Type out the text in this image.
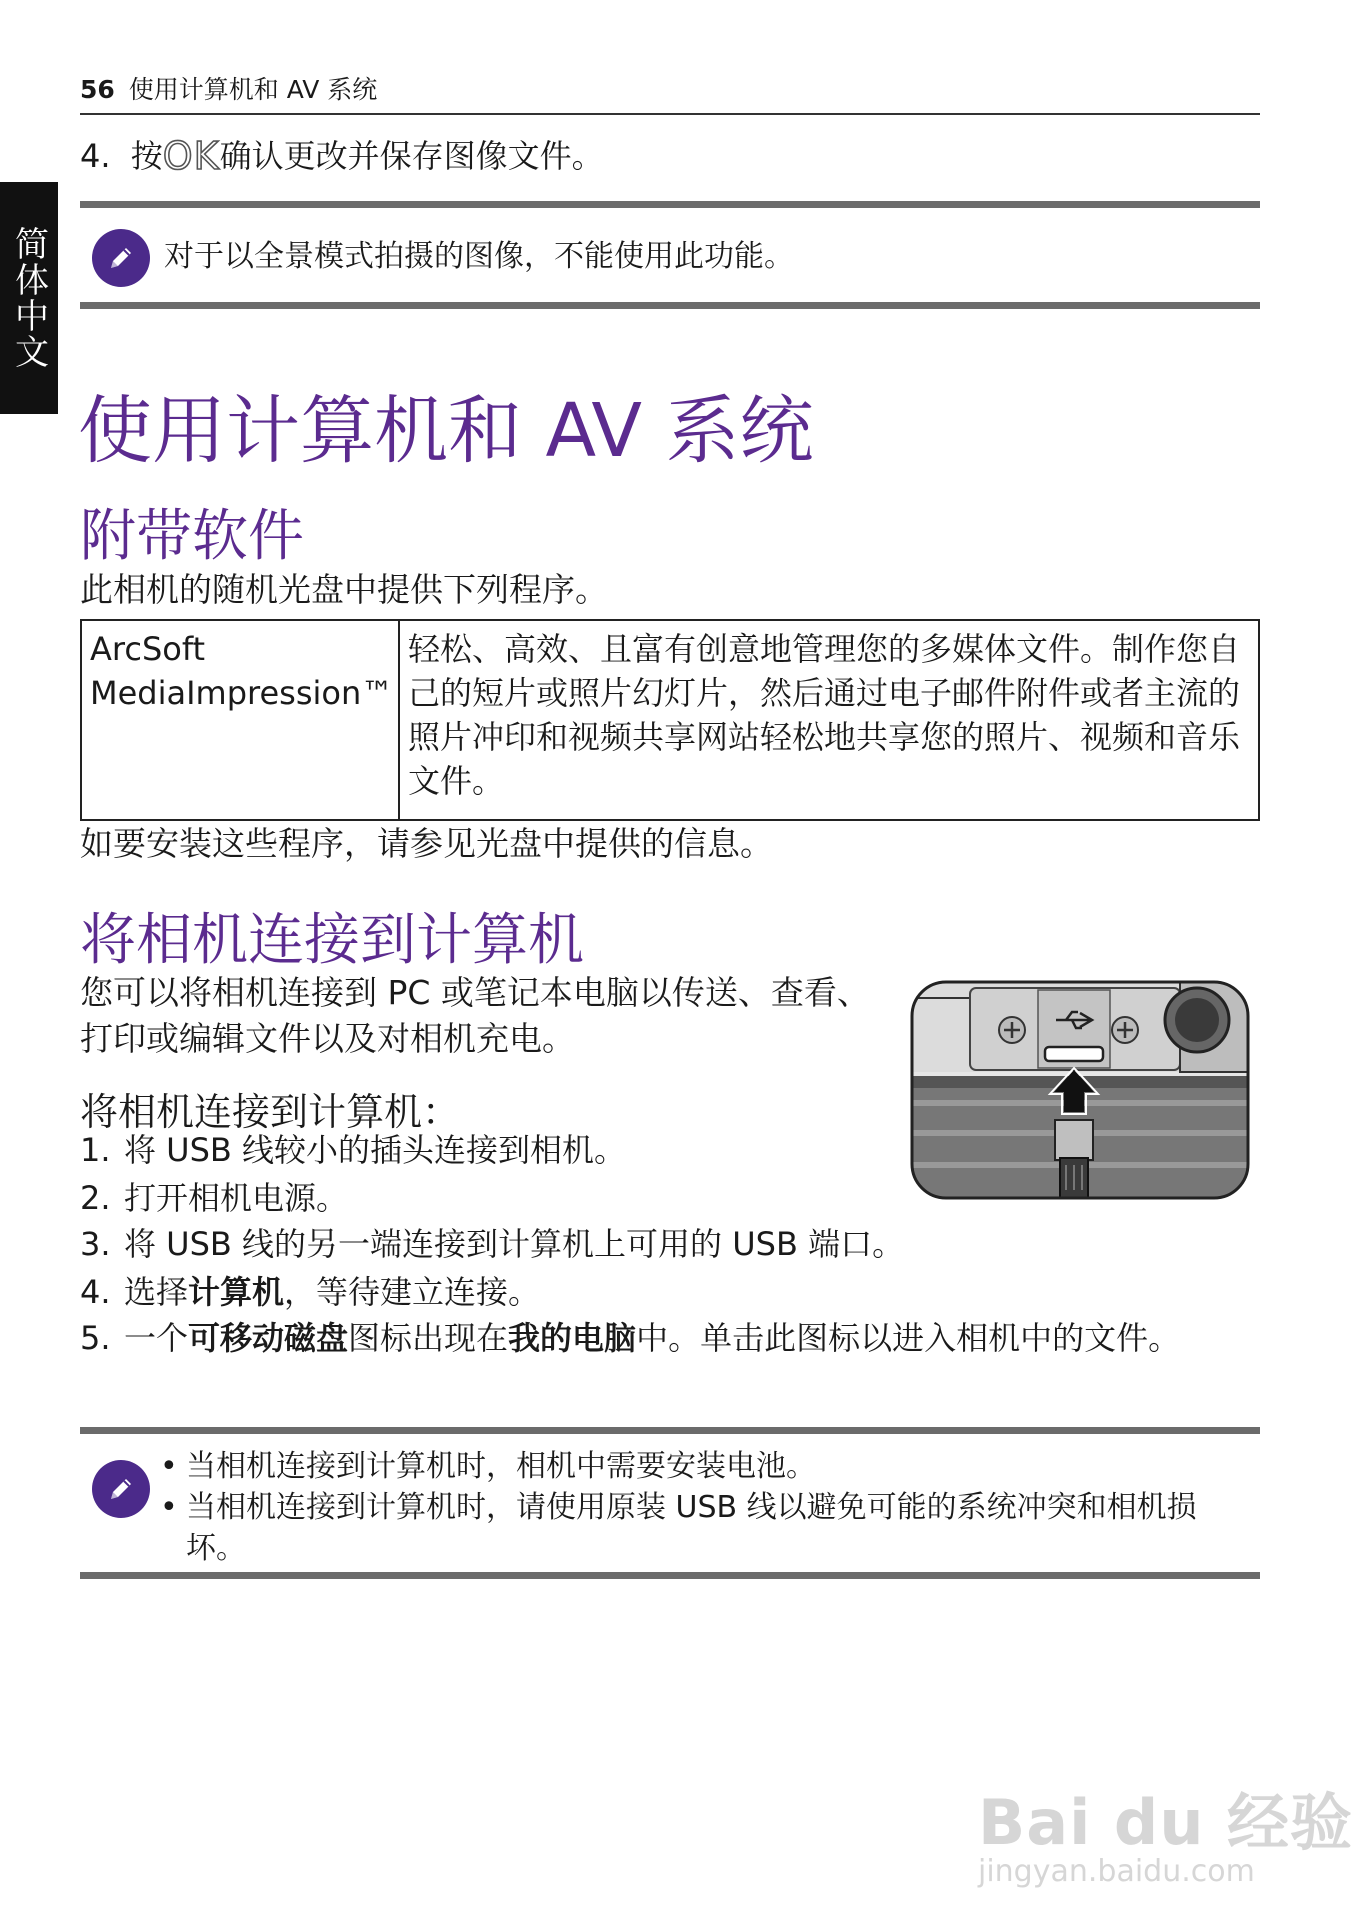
简体中文
56 使用计算机和 AV 系统
4. 按OK确认更改并保存图像文件。
对于以全景模式拍摄的图像，不能使用此功能。
使用计算机和 AV 系统
附带软件
此相机的随机光盘中提供下列程序。
ArcSoft MediaImpression™	轻松、高效、且富有创意地管理您的多媒体文件。制作您自己的短片或照片幻灯片，然后通过电子邮件附件或者主流的照片冲印和视频共享网站轻松地共享您的照片、视频和音乐文件。
如要安装这些程序，请参见光盘中提供的信息。
将相机连接到计算机
您可以将相机连接到 PC 或笔记本电脑以传送、查看、打印或编辑文件以及对相机充电。
将相机连接到计算机：
1. 将 USB 线较小的插头连接到相机。
2. 打开相机电源。
3. 将 USB 线的另一端连接到计算机上可用的 USB 端口。
4. 选择计算机，等待建立连接。
5. 一个可移动磁盘图标出现在我的电脑中。单击此图标以进入相机中的文件。
• 当相机连接到计算机时，相机中需要安装电池。
• 当相机连接到计算机时，请使用原装 USB 线以避免可能的系统冲突和相机损坏。
Bai du 经验
jingyan.baidu.com
